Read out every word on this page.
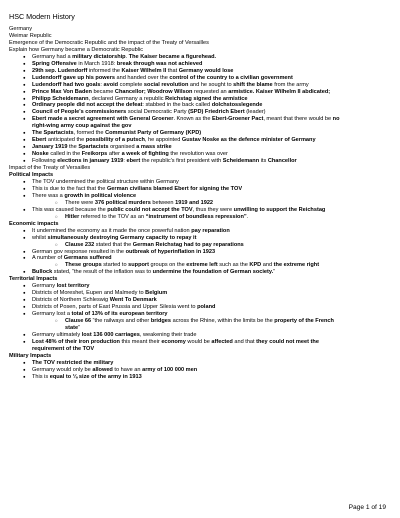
HSC Modern History
Germany
Weimar Republic
Emergence of the Democratic Republic and the impact of the Treaty of Versailles
Explain how Germany became a Democratic Republic
● Germany had a military dictatorship. The Kaiser became a figurehead.
● Spring Offensive in March 1918: break through was not achieved
● 29th sep. Ludendorff informed the Kaiser Wilhelm II that Germany would lose
● Ludendorff gave up his powers and handed over the control of the country to a civilian government
● Ludendorff had two goals: avoid complete social revolution and he sought to shift the blame from the army
● Prince Max Von Baden became Chancellor; Woodrow Wilson requested an armistice. Kaiser Wilhelm II abdicated;
● Philipp Scheidemann, declared Germany a republic Reichstag signed the armistice
● Ordinary people did not accept the defeat: stabbed in the back called dolchstosslegende
● Council of People's commissioners social Democratic Party (SPD) Friedrich Ebert (leader)
● Ebert made a secret agreement with General Groener. Known as the Ebert-Groener Pact, meant that there would be no
right-wing army coup against the gov
● The Spartacists, formed the Communist Party of Germany (KPD)
● Ebert anticipated the possibility of a putsch, he appointed Gustav Noske as the defence minister of Germany
● January 1919 the Spartacists organised a mass strike
● Noske called in the Freikorps after a week of fighting the revolution was over
● Following elections in january 1919: ebert the republic's first president with Scheidemann its Chancellor
Impact of the Treaty of Versailles
Political Impacts
● The TOV undermined the political structure within Germany
● This is due to the fact that the German civilians blamed Ebert for signing the TOV
● There was a growth in political violence
○ There were 376 political murders between 1919 and 1922
● This was caused because the public could not accept the TOV, thus they were unwilling to support the Reichstag
○ Hitler referred to the TOV as an “instrument of boundless repression”.
Economic impacts
● It undermined the economy as it made the once powerful nation pay reparation
● whilst simultaneously destroying Germany capacity to repay it
○ Clause 232 stated that the German Reichstag had to pay reparations
● German gov response resulted in the outbreak of hyperinflation in 1923
● A number of Germans suffered
○ These groups started to support groups on the extreme left such as the KPD and the extreme right
● Bullock stated, “the result of the inflation was to undermine the foundation of German society.”
Territorial Impacts
● Germany lost territory
● Districts of Moreshet, Eupen and Malmedy to Belgium
● Districts of Northern Schleswig Went To Denmark
● Districts of Posen, parts of East Prussia and Upper Silesia went to poland
● Germany lost a total of 13% of its european territory
○ Clause 66 “the railways and other bridges across the Rhine, within the limits be the property of the French
state”
● Germany ultimately lost 136 000 carriages, weakening their trade
● Lost 48% of their iron production this meant their economy would be affected and that they could not meet the
requirement of the TOV
Military Impacts
● The TOV restricted the military
● Germany would only be allowed to have an army of 100 000 men
● This is equal to ⅛ size of the army in 1913
Page 1 of 19
